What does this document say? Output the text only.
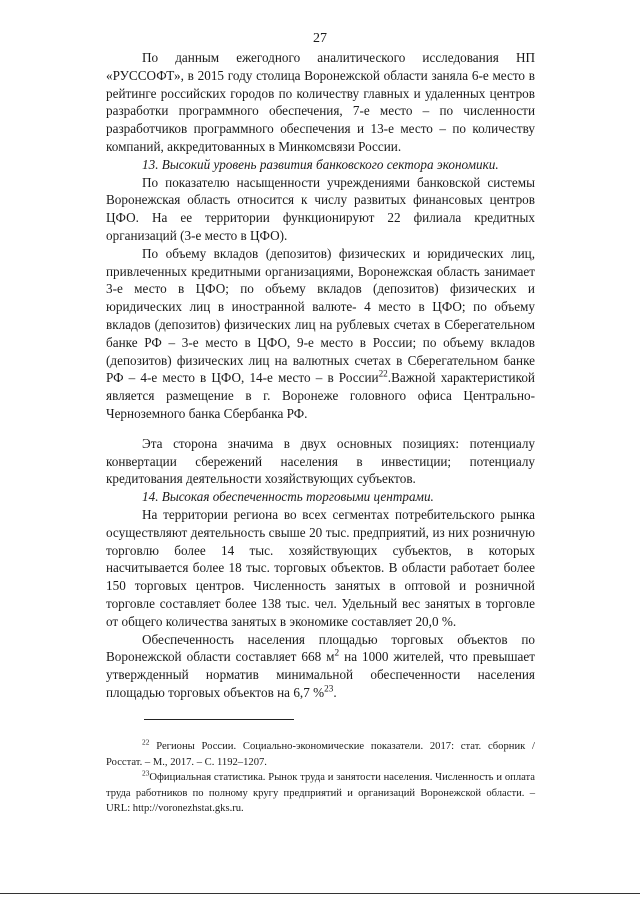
27

По данным ежегодного аналитического исследования НП «РУССОФТ», в 2015 году столица Воронежской области заняла 6-е место в рейтинге российских городов по количеству главных и удаленных центров разработки программного обеспечения, 7-е место – по численности разработчиков программного обеспечения и 13-е место – по количеству компаний, аккредитованных в Минкомсвязи России.

13. Высокий уровень развития банковского сектора экономики.

По показателю насыщенности учреждениями банковской системы Воронежская область относится к числу развитых финансовых центров ЦФО. На ее территории функционируют 22 филиала кредитных организаций (3-е место в ЦФО).

По объему вкладов (депозитов) физических и юридических лиц, привлеченных кредитными организациями, Воронежская область занимает 3-е место в ЦФО; по объему вкладов (депозитов) физических и юридических лиц в иностранной валюте- 4 место в ЦФО; по объему вкладов (депозитов) физических лиц на рублевых счетах в Сберегательном банке РФ – 3-е место в ЦФО, 9-е место в России; по объему вкладов (депозитов) физических лиц на валютных счетах в Сберегательном банке РФ – 4-е место в ЦФО, 14-е место – в России$^{22}$.Важной характеристикой является размещение в г. Воронеже головного офиса Центрально-Черноземного банка Сбербанка РФ.

Эта сторона значима в двух основных позициях: потенциалу конвертации сбережений населения в инвестиции; потенциалу кредитования деятельности хозяйствующих субъектов.

14. Высокая обеспеченность торговыми центрами.

На территории региона во всех сегментах потребительского рынка осуществляют деятельность свыше 20 тыс. предприятий, из них розничную торговлю более 14 тыс. хозяйствующих субъектов, в которых насчитывается более 18 тыс. торговых объектов. В области работает более 150 торговых центров. Численность занятых в оптовой и розничной торговле составляет более 138 тыс. чел. Удельный вес занятых в торговле от общего количества занятых в экономике составляет 20,0 %.

Обеспеченность населения площадью торговых объектов по Воронежской области составляет 668 $м^2$ на 1000 жителей, что превышает утвержденный норматив минимальной обеспеченности населения площадью торговых объектов на 6,7 %$^{23}$.

$^{22}$ Регионы России. Социально-экономические показатели. 2017: стат. сборник / Росстат. – М., 2017. – С. 1192–1207.

$^{23}$Официальная статистика. Рынок труда и занятости населения. Численность и оплата труда работников по полному кругу предприятий и организаций Воронежской области. – URL: http://voronezhstat.gks.ru.
